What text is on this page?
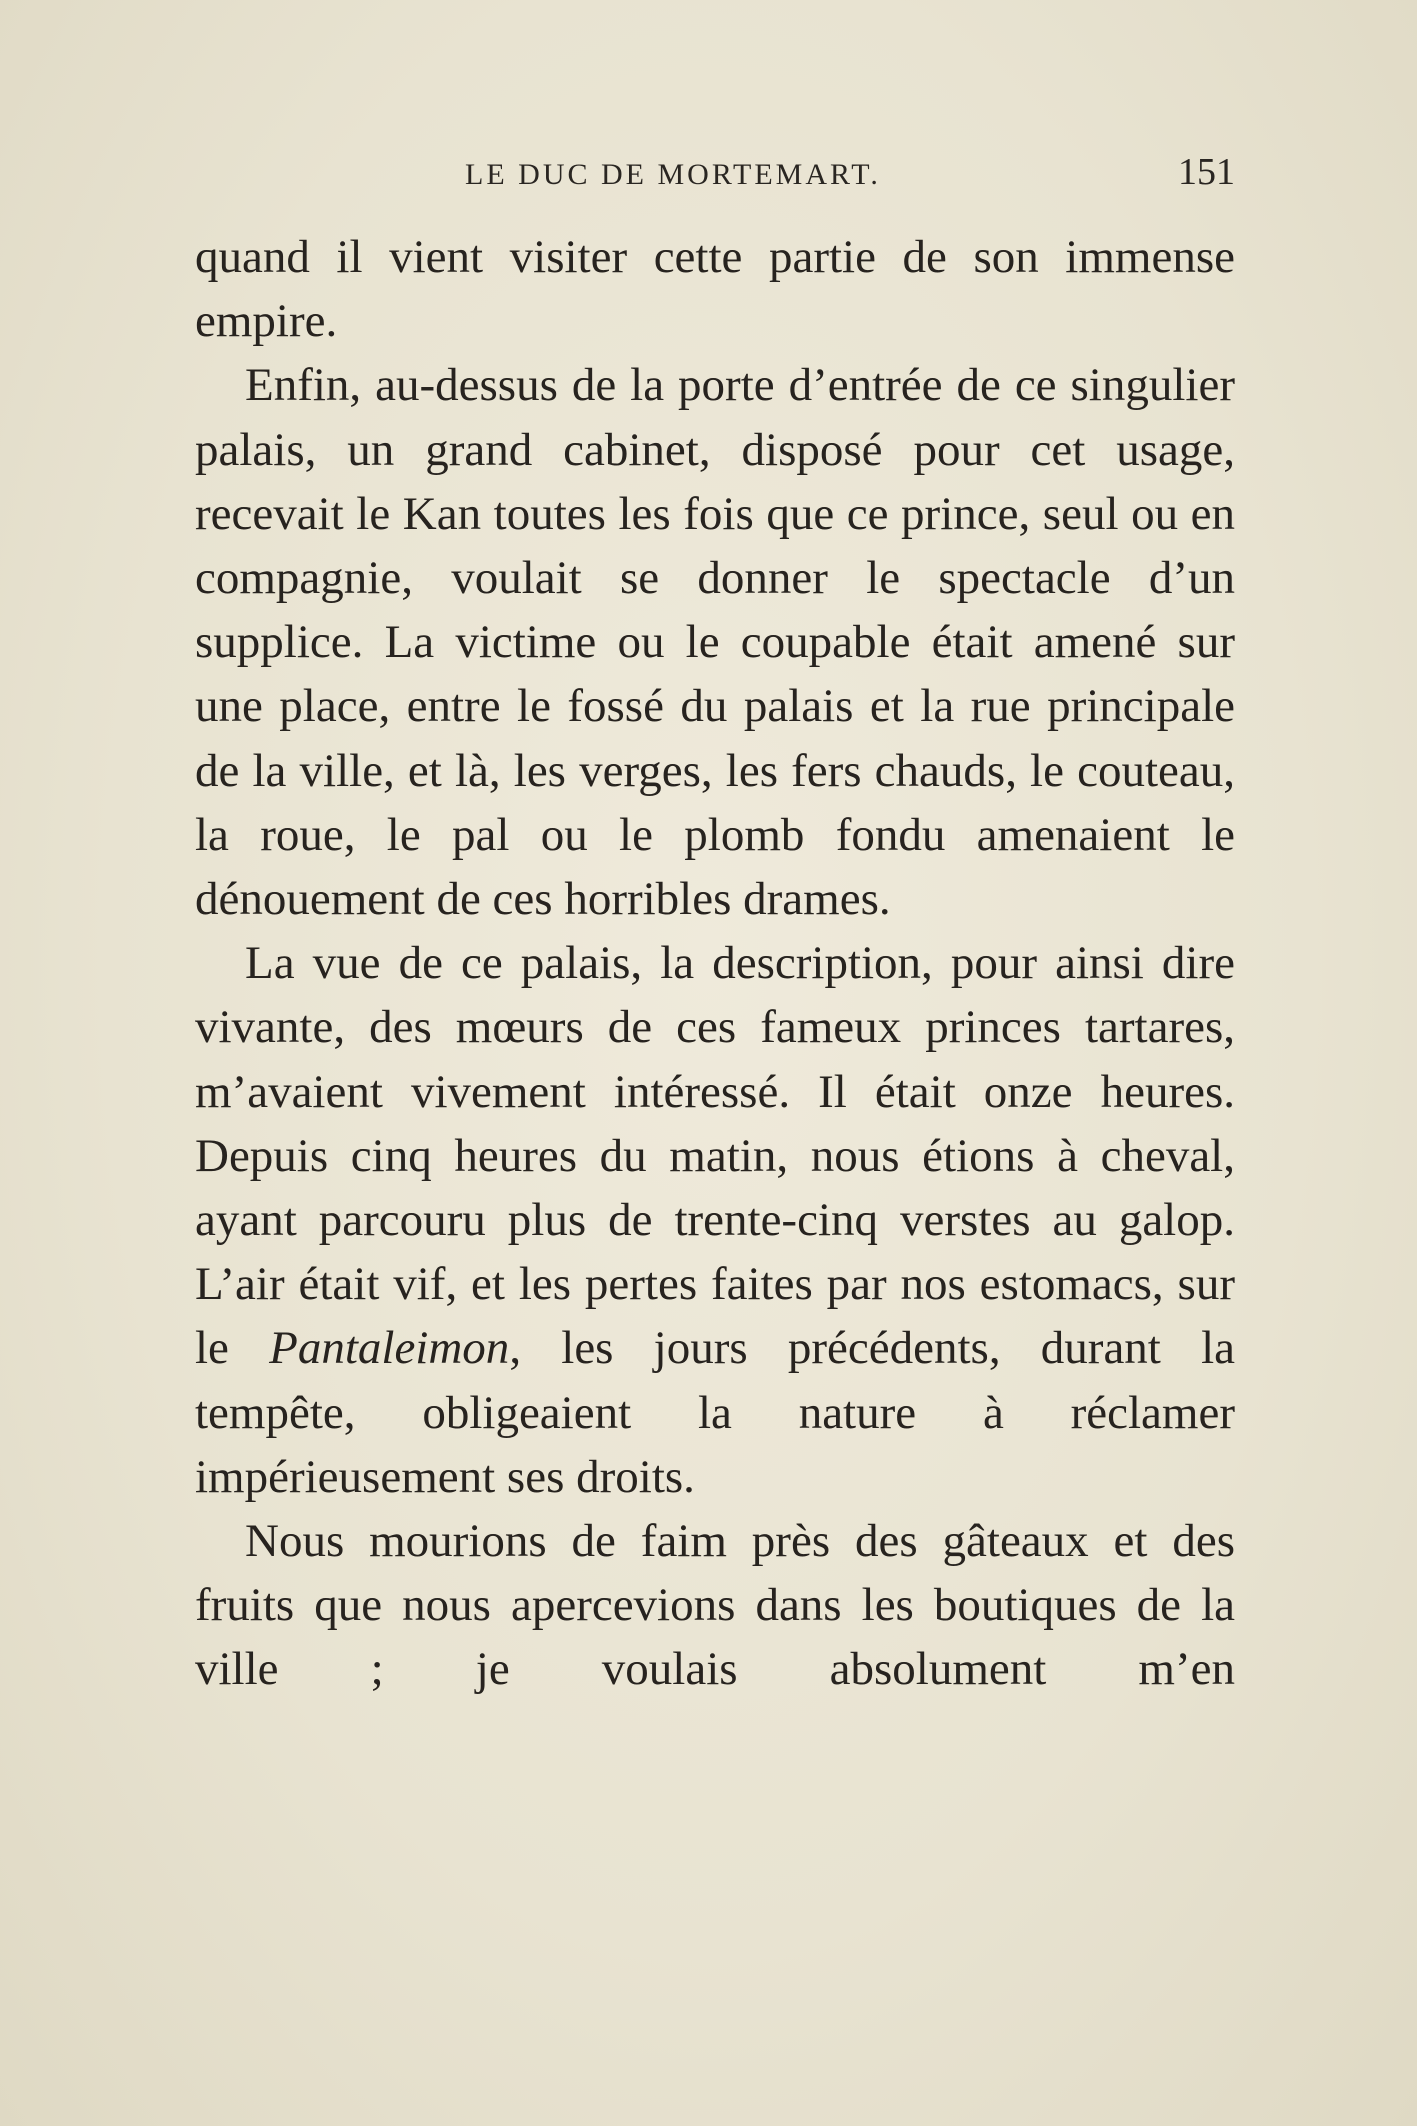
LE DUC DE MORTEMART.	151

quand il vient visiter cette partie de son immense empire.

Enfin, au-dessus de la porte d’entrée de ce singulier palais, un grand cabinet, disposé pour cet usage, recevait le Kan toutes les fois que ce prince, seul ou en compagnie, voulait se donner le spectacle d’un supplice. La victime ou le coupable était amené sur une place, entre le fossé du palais et la rue principale de la ville, et là, les verges, les fers chauds, le couteau, la roue, le pal ou le plomb fondu amenaient le dénouement de ces horribles drames.

La vue de ce palais, la description, pour ainsi dire vivante, des mœurs de ces fameux princes tartares, m’avaient vivement intéressé. Il était onze heures. Depuis cinq heures du matin, nous étions à cheval, ayant parcouru plus de trente-cinq verstes au galop. L’air était vif, et les pertes faites par nos estomacs, sur le Pantaleimon, les jours précédents, durant la tempête, obligeaient la nature à réclamer impérieusement ses droits.

Nous mourions de faim près des gâteaux et des fruits que nous apercevions dans les boutiques de la ville ; je voulais absolument m’en
